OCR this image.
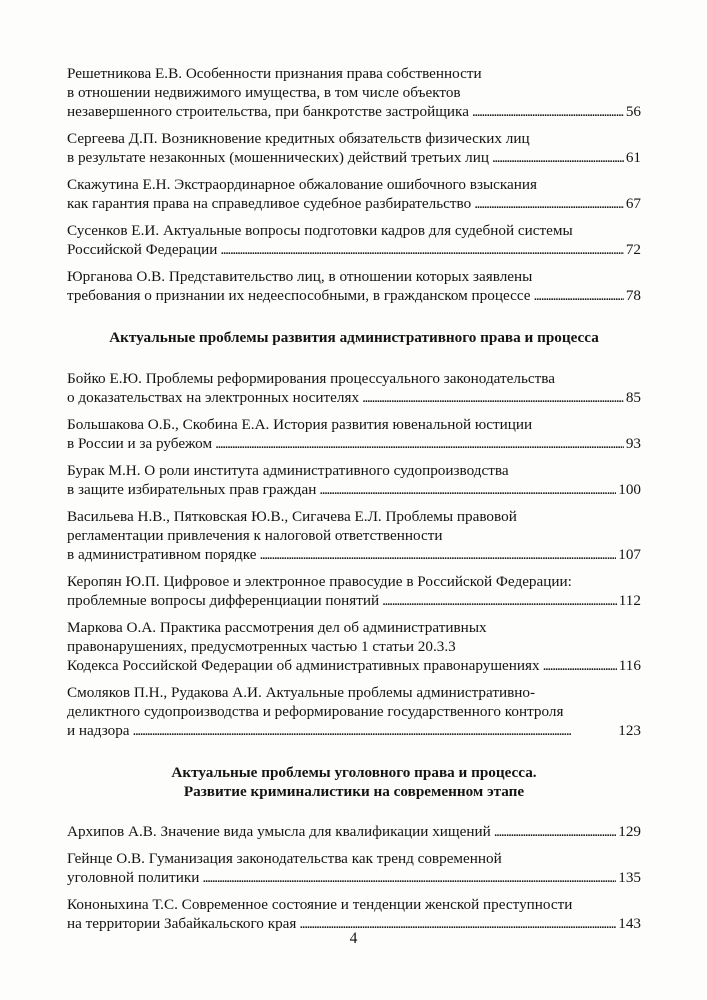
Решетникова Е.В. Особенности признания права собственности
в отношении недвижимого имущества, в том числе объектов
незавершенного строительства, при банкротстве застройщика . . .	56
Сергеева Д.П. Возникновение кредитных обязательств физических лиц
в результате незаконных (мошеннических) действий третьих лиц . . .	61
Скажутина Е.Н. Экстраординарное обжалование ошибочного взыскания
как гарантия права на справедливое судебное разбирательство . . .	67
Сусенков Е.И. Актуальные вопросы подготовки кадров для судебной системы
Российской Федерации . . .	72
Юрганова О.В. Представительство лиц, в отношении которых заявлены
требования о признании их недееспособными, в гражданском процессе . . .	78
Актуальные проблемы развития административного права и процесса
Бойко Е.Ю. Проблемы реформирования процессуального законодательства
о доказательствах на электронных носителях . . .	85
Большакова О.Б., Скобина Е.А. История развития ювенальной юстиции
в России и за рубежом . . .	93
Бурак М.Н. О роли института административного судопроизводства
в защите избирательных прав граждан . . .	100
Васильева Н.В., Пятковская Ю.В., Сигачева Е.Л. Проблемы правовой
регламентации привлечения к налоговой ответственности
в административном порядке . . .	107
Керопян Ю.П. Цифровое и электронное правосудие в Российской Федерации:
проблемные вопросы дифференциации понятий . . .	112
Маркова О.А. Практика рассмотрения дел об административных
правонарушениях, предусмотренных частью 1 статьи 20.3.3
Кодекса Российской Федерации об административных правонарушениях . . .	116
Смоляков П.Н., Рудакова А.И. Актуальные проблемы административно-
деликтного судопроизводства и реформирование государственного контроля
и надзора . . .	123
Актуальные проблемы уголовного права и процесса.
Развитие криминалистики на современном этапе
Архипов А.В. Значение вида умысла для квалификации хищений . . .	129
Гейнце О.В. Гуманизация законодательства как тренд современной
уголовной политики . . .	135
Кононыхина Т.С. Современное состояние и тенденции женской преступности
на территории Забайкальского края . . .	143
4
